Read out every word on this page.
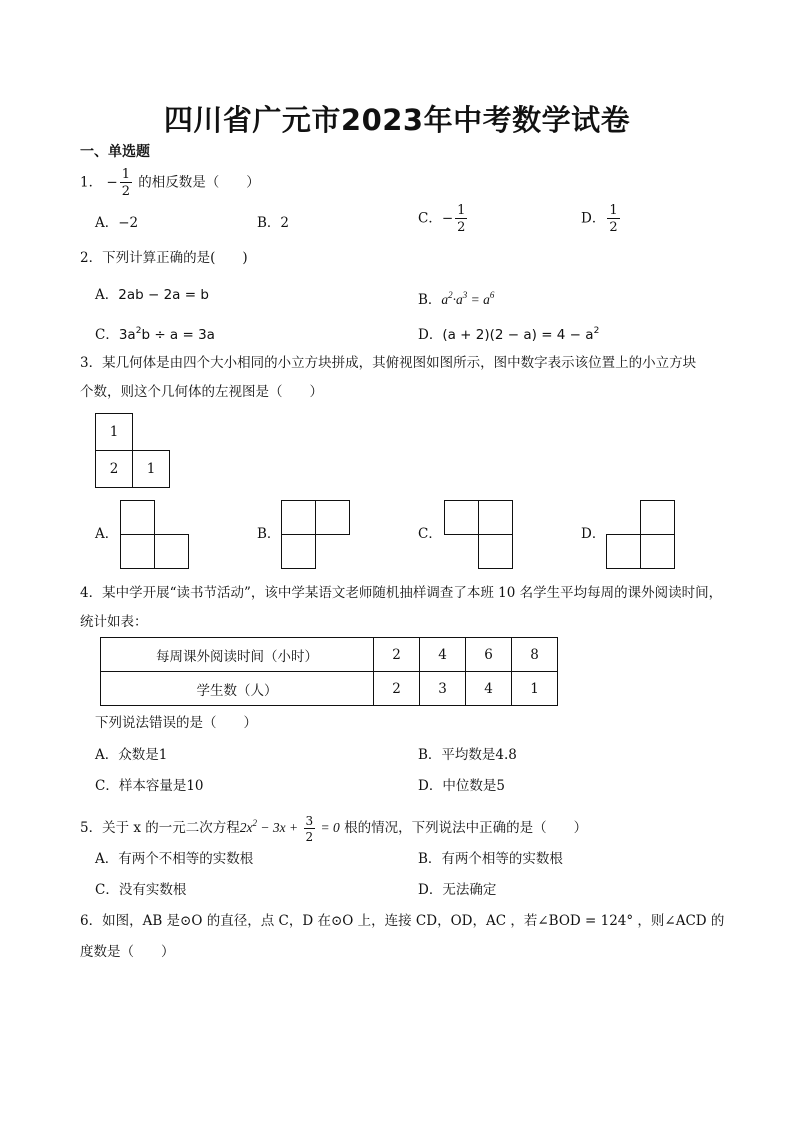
四川省广元市2023年中考数学试卷
一、单选题
1． − $\frac{1}{2}$ 的相反数是（　　）
A．−2	B．2	C．− $\frac{1}{2}$	D． $\frac{1}{2}$
2．下列计算正确的是(　　)
A．2ab − 2a = b	B．$a^2\cdot a^3 = a^6$
C．$3a^2b \div a = 3a$	D．$(a + 2)(2 - a) = 4 - a^2$
3．某几何体是由四个大小相同的小立方块拼成，其俯视图如图所示，图中数字表示该位置上的小立方块
个数，则这个几何体的左视图是（　　）
1
2	1
A．	B．	C．	D．
4．某中学开展“读书节活动”，该中学某语文老师随机抽样调查了本班 10 名学生平均每周的课外阅读时间，
统计如表：
每周课外阅读时间（小时）	2	4	6	8
学生数（人）	2	3	4	1
下列说法错误的是（　　）
A．众数是1	B．平均数是4.8
C．样本容量是10	D．中位数是5
5．关于 x 的一元二次方程$2x^2 - 3x + \frac{3}{2} = 0$ 根的情况，下列说法中正确的是（　　）
A．有两个不相等的实数根	B．有两个相等的实数根
C．没有实数根	D．无法确定
6．如图，AB 是⊙O 的直径，点 C，D 在⊙O 上，连接 CD，OD，AC ，若∠BOD = 124° ，则∠ACD 的
度数是（　　）
